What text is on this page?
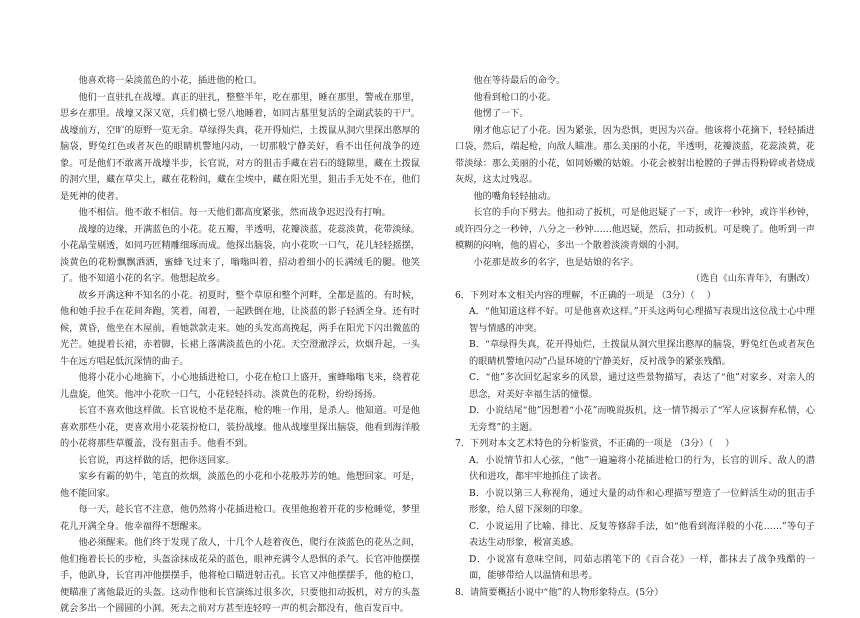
他喜欢将一朵淡蓝色的小花，插进他的枪口。

他们一直驻扎在战壕。真正的驻扎，整整半年，吃在那里，睡在那里，警戒在那里，思乡在那里。战壕又深又宽，兵们横七竖八地睡着，如同古墓里复活的全副武装的干尸。战壕前方，空旷的原野一览无余。草绿得失真，花开得灿烂，土拨鼠从洞穴里探出憨厚的脑袋，野兔红色或者灰色的眼睛机警地闪动，一切那般宁静美好，看不出任何战争的迹象。可是他们不敢离开战壕半步，长官说，对方的狙击手藏在岩石的缝隙里，藏在土拨鼠的洞穴里，藏在草尖上，藏在花粉间，藏在尘埃中，藏在阳光里，狙击手无处不在，他们是死神的使者。

他不相信。他不敢不相信。每一天他们都高度紧张，然而战争迟迟没有打响。

战壕的边缘，开满蓝色的小花。花五瓣，半透明，花瓣淡蓝，花蕊淡黄，花带淡绿。小花晶莹剔透，如同巧匠精雕细琢而成。他探出脑袋，向小花吹一口气，花儿轻轻摇摆，淡黄色的花粉飘飘洒洒，蜜蜂飞过来了，嗡嗡叫着，招动着细小的长满绒毛的腿。他笑了。他不知道小花的名字。他想起故乡。

故乡开满这种不知名的小花。初夏时，整个草原和整个河畔，全都是蓝的。有时候，他和她手拉手在花间奔跑，笑着，闹着，一起跌倒在地，让淡蓝的影子轻洒全身。还有时候，黄昏，他坐在木屋前，看她款款走来。她的头发高高挽起，两手在阳光下闪出微蓝的光芒。她提着长裙，赤着脚，长裙上落满淡蓝色的小花。天空澄澈浮云，炊烟升起，一头牛在远方唱起低沉深情的曲子。

他将小花小心地摘下，小心地插进枪口，小花在枪口上盛开，蜜蜂嗡嗡飞来，绕着花儿盘旋，他笑。他冲小花吹一口气，小花轻轻抖动。淡黄色的花粉，纷纷扬扬。

长官不喜欢他这样做。长官说枪不是花瓶，枪的唯一作用，是杀人。他知道。可是他喜欢那些小花，更喜欢用小花装扮枪口，装扮战壕。他从战壕里探出脑袋，他看到海洋般的小花将那些草覆盖，没有狙击手。他看不到。

长官说，再这样做的话，把你送回家。

家乡有霸的奶牛，笔直的炊烟，淡蓝色的小花和小花般苏芳的她。他想回家。可是，他不能回家。

每一天，趁长官不注意，他仍然将小花插进枪口。夜里他抱着开花的步枪睡觉，梦里花儿开满全身。他幸福得不想醒来。

他必须醒来。他们终于发现了敌人，十几个人趁着夜色，爬行在淡蓝色的花丛之间，他们拖着长长的步枪，头盔涂抹成花朵的蓝色，眼神充满令人恐惧的杀气。长官冲他摆摆手，他趴身，长官再冲他摆摆手，他将枪口瞄进射击孔。长官又冲他摆摆手，他的枪口，便瞄准了离他最近的头盔。这动作他和长官演练过很多次，只要他扣动扳机，对方的头盔就会多出一个圆圆的小洞。死去之前对方甚至连轻哼一声的机会都没有，他百发百中。

他在等待最后的命令。

他看到枪口的小花。

他愣了一下。

刚才他忘记了小花。因为紧张，因为恐惧，更因为兴奋。他该将小花摘下，轻轻插进口袋，然后，端起枪，向敌人瞄准。那么美丽的小花，半透明，花瓣淡蓝，花蕊淡黄，花带淡绿：那么美丽的小花，如同娇嫩的姑娘。小花会被射出枪膛的子弹击得粉碎或者烧成灰烬，这太过残忍。

他的嘴角轻轻抽动。

长官的手向下劈去。他扣动了扳机，可是他迟疑了一下，或许一秒钟，或许半秒钟，或许四分之一秒钟，八分之一秒钟……他迟疑，然后，扣动扳机。可是晚了。他听到一声模糊的闷响，他的眉心，多出一个散着淡淡青烟的小洞。

小花那是故乡的名字，也是姑娘的名字。

（选自《山东青年》，有删改）

6．下列对本文相关内容的理解，不正确的一项是 （3分）（　 ）

A．“他知道这样不好。可是他喜欢这样。”开头这两句心理描写表现出这位战士心中理智与情感的冲突。

B．“草绿得失真，花开得灿烂，土拨鼠从洞穴里探出憨厚的脑袋，野兔红色或者灰色的眼睛机警地闪动”凸显环境的宁静美好，反衬战争的紧张残酷。

C．“他”多次回忆起家乡的风景，通过这些景物描写，表达了“他”对家乡、对亲人的思念，对美好幸福生活的憧憬。

D．小说结尾“他”因想着“小花”而晚说扳机，这一情节揭示了“军人应该摒弃私情，心无旁骛”的主题。

7．下列对本文艺术特色的分析鉴赏，不正确的一项是 （3分）（　 ）

A．小说情节扣人心弦，“他”一遍遍将小花插进枪口的行为，长官的训斥、敌人的潜伏和进攻，都牢牢地抓住了读者。

B．小说以第三人称视角，通过大量的动作和心理描写塑造了一位鲜活生动的狙击手形象，给人留下深刻的印象。

C．小说运用了比喻、排比、反复等修辞手法，如“他看到海洋般的小花……”等句子表达生动形象，极富美感。

D．小说富有意味空间，同茹志鹃笔下的《百合花》一样，都抹去了战争残酷的一面，能够带给人以温情和思考。

8．请简要概括小说中“他”的人物形象特点。(5分）
